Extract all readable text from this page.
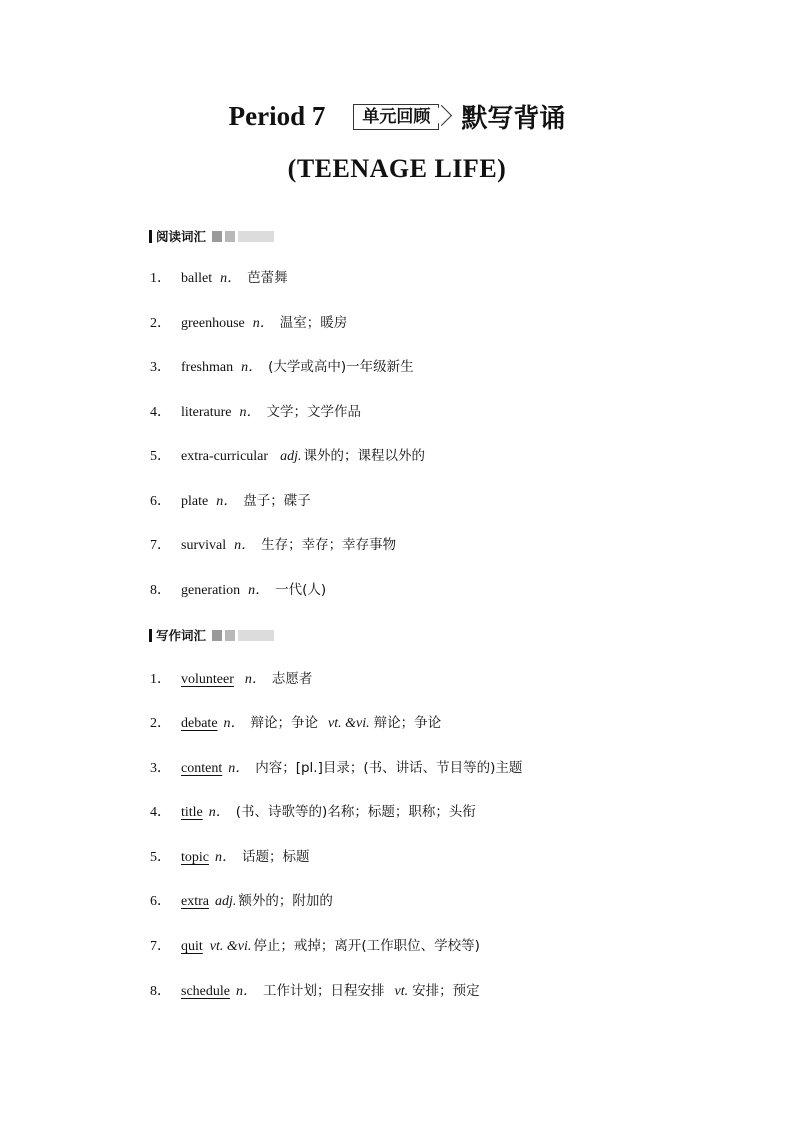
Period 7	单元回顾	默写背诵
(TEENAGE LIFE)
阅读词汇
1． ballet n． 芭蕾舞
2． greenhouse n． 温室；暖房
3． freshman n． (大学或高中)一年级新生
4． literature n． 文学；文学作品
5． extra-curricular adj. 课外的；课程以外的
6． plate n． 盘子；碟子
7． survival n． 生存；幸存；幸存事物
8． generation n． 一代(人)
写作词汇
1． volunteer n． 志愿者
2． debate n． 辩论；争论 vt. &vi. 辩论；争论
3． content n． 内容；[pl.]目录；(书、讲话、节目等的)主题
4． title n． (书、诗歌等的)名称；标题；职称；头衔
5． topic n． 话题；标题
6． extra adj. 额外的；附加的
7． quit vt. &vi. 停止；戒掉；离开(工作职位、学校等)
8． schedule n． 工作计划；日程安排 vt. 安排；预定
